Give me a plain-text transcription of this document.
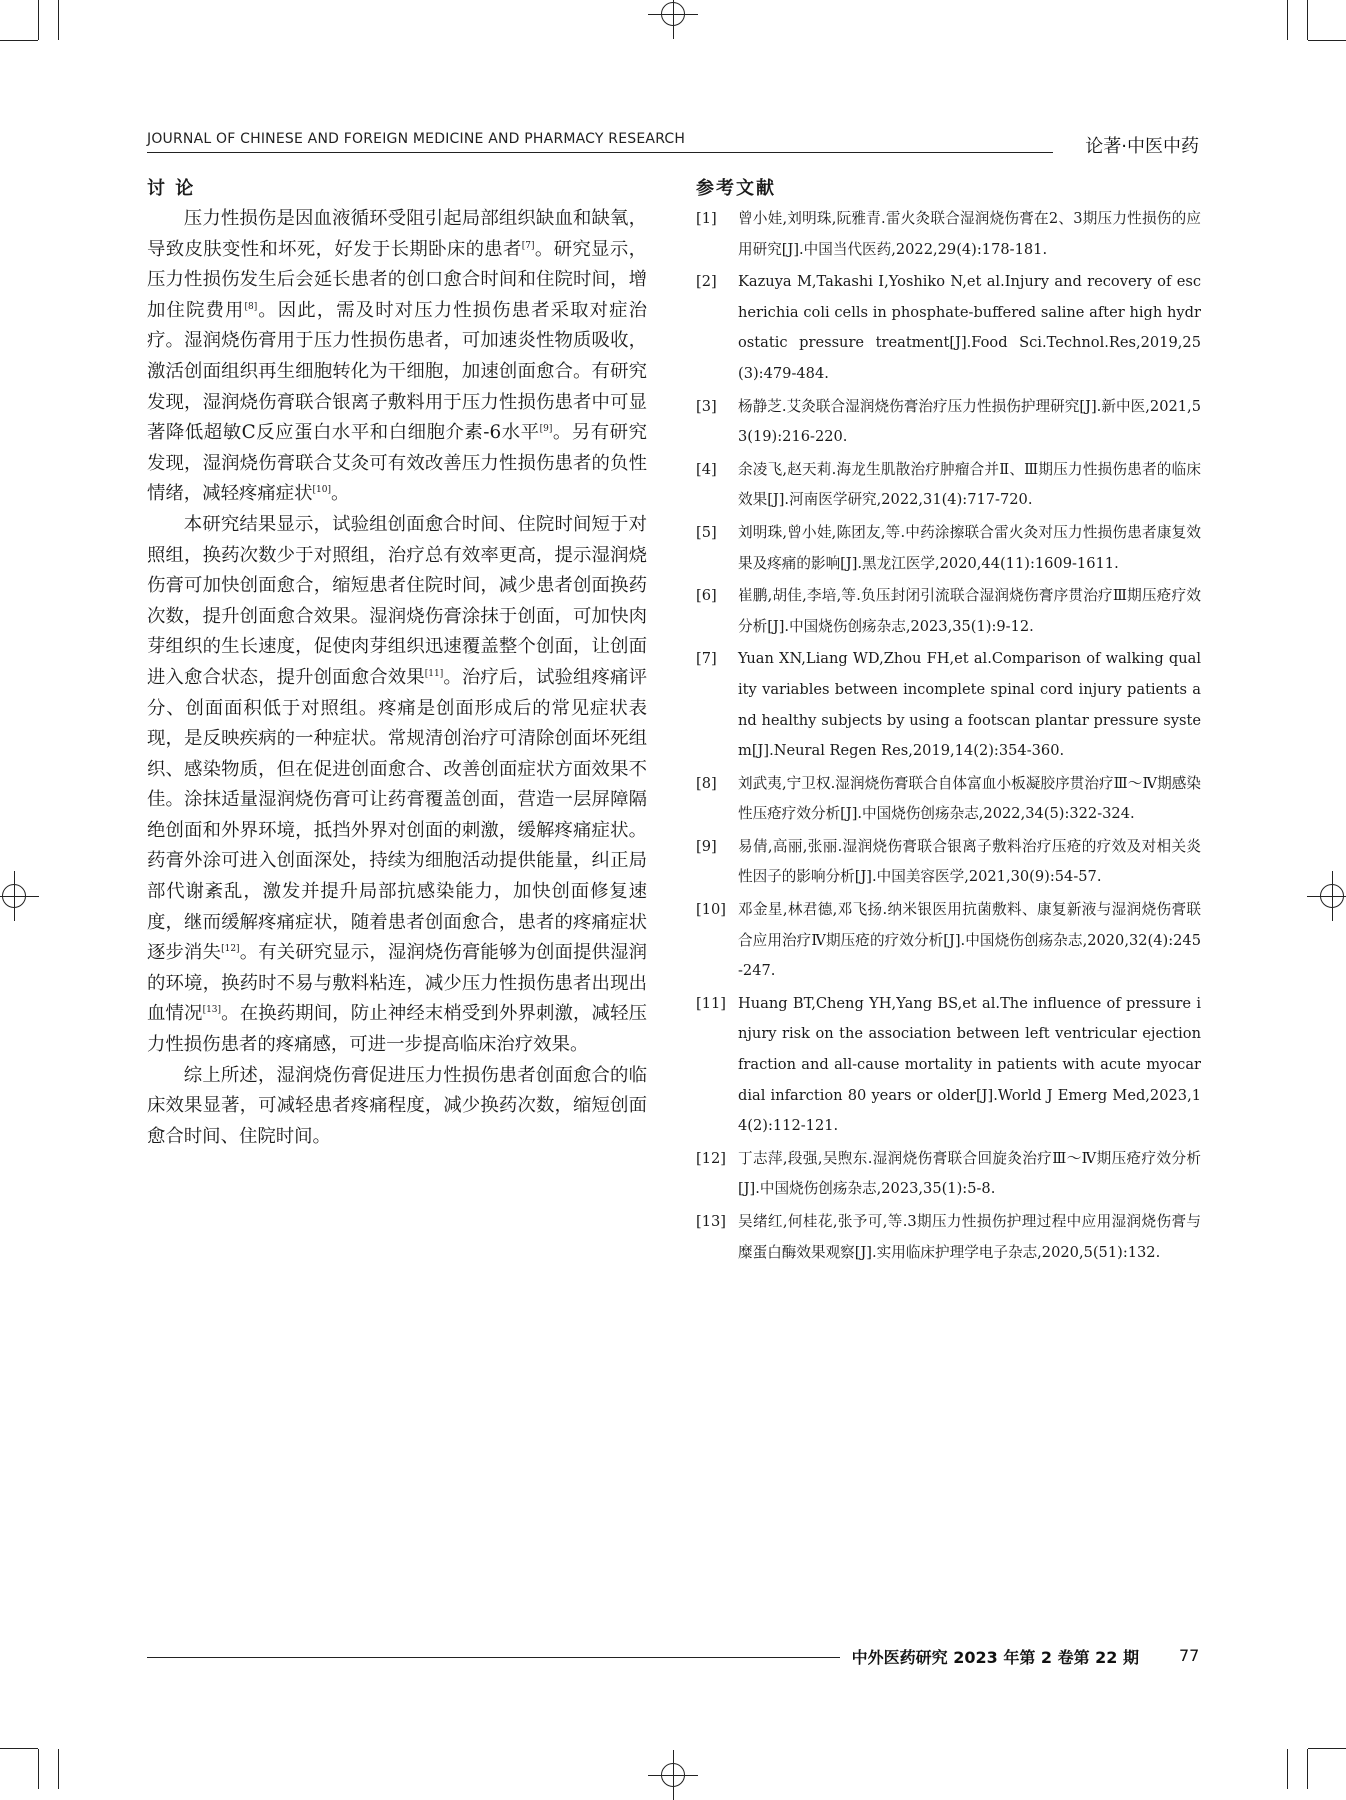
JOURNAL OF CHINESE AND FOREIGN MEDICINE AND PHARMACY RESEARCH	论著·中医中药
讨 论

压力性损伤是因血液循环受阻引起局部组织缺血和缺氧，导致皮肤变性和坏死，好发于长期卧床的患者[7]。研究显示，压力性损伤发生后会延长患者的创口愈合时间和住院时间，增加住院费用[8]。因此，需及时对压力性损伤患者采取对症治疗。湿润烧伤膏用于压力性损伤患者，可加速炎性物质吸收，激活创面组织再生细胞转化为干细胞，加速创面愈合。有研究发现，湿润烧伤膏联合银离子敷料用于压力性损伤患者中可显著降低超敏C反应蛋白水平和白细胞介素-6水平[9]。另有研究发现，湿润烧伤膏联合艾灸可有效改善压力性损伤患者的负性情绪，减轻疼痛症状[10]。

本研究结果显示，试验组创面愈合时间、住院时间短于对照组，换药次数少于对照组，治疗总有效率更高，提示湿润烧伤膏可加快创面愈合，缩短患者住院时间，减少患者创面换药次数，提升创面愈合效果。湿润烧伤膏涂抹于创面，可加快肉芽组织的生长速度，促使肉芽组织迅速覆盖整个创面，让创面进入愈合状态，提升创面愈合效果[11]。治疗后，试验组疼痛评分、创面面积低于对照组。疼痛是创面形成后的常见症状表现，是反映疾病的一种症状。常规清创治疗可清除创面坏死组织、感染物质，但在促进创面愈合、改善创面症状方面效果不佳。涂抹适量湿润烧伤膏可让药膏覆盖创面，营造一层屏障隔绝创面和外界环境，抵挡外界对创面的刺激，缓解疼痛症状。药膏外涂可进入创面深处，持续为细胞活动提供能量，纠正局部代谢紊乱，激发并提升局部抗感染能力，加快创面修复速度，继而缓解疼痛症状，随着患者创面愈合，患者的疼痛症状逐步消失[12]。有关研究显示，湿润烧伤膏能够为创面提供湿润的环境，换药时不易与敷料粘连，减少压力性损伤患者出现出血情况[13]。在换药期间，防止神经末梢受到外界刺激，减轻压力性损伤患者的疼痛感，可进一步提高临床治疗效果。

综上所述，湿润烧伤膏促进压力性损伤患者创面愈合的临床效果显著，可减轻患者疼痛程度，减少换药次数，缩短创面愈合时间、住院时间。

参考文献
[1] 曾小娃,刘明珠,阮雅青.雷火灸联合湿润烧伤膏在2、3期压力性损伤的应用研究[J].中国当代医药,2022,29(4):178-181.
[2] Kazuya M,Takashi I,Yoshiko N,et al.Injury and recovery of escherichia coli cells in phosphate-buffered saline after high hydrostatic pressure treatment[J].Food Sci.Technol.Res,2019,25(3):479-484.
[3] 杨静芝.艾灸联合湿润烧伤膏治疗压力性损伤护理研究[J].新中医,2021,53(19):216-220.
[4] 余凌飞,赵天莉.海龙生肌散治疗肿瘤合并Ⅱ、Ⅲ期压力性损伤患者的临床效果[J].河南医学研究,2022,31(4):717-720.
[5] 刘明珠,曾小娃,陈团友,等.中药涂擦联合雷火灸对压力性损伤患者康复效果及疼痛的影响[J].黑龙江医学,2020,44(11):1609-1611.
[6] 崔鹏,胡佳,李培,等.负压封闭引流联合湿润烧伤膏序贯治疗Ⅲ期压疮疗效分析[J].中国烧伤创疡杂志,2023,35(1):9-12.
[7] Yuan XN,Liang WD,Zhou FH,et al.Comparison of walking quality variables between incomplete spinal cord injury patients and healthy subjects by using a footscan plantar pressure system[J].Neural Regen Res,2019,14(2):354-360.
[8] 刘武夷,宁卫权.湿润烧伤膏联合自体富血小板凝胶序贯治疗Ⅲ～Ⅳ期感染性压疮疗效分析[J].中国烧伤创疡杂志,2022,34(5):322-324.
[9] 易倩,高丽,张丽.湿润烧伤膏联合银离子敷料治疗压疮的疗效及对相关炎性因子的影响分析[J].中国美容医学,2021,30(9):54-57.
[10] 邓金星,林君德,邓飞扬.纳米银医用抗菌敷料、康复新液与湿润烧伤膏联合应用治疗Ⅳ期压疮的疗效分析[J].中国烧伤创疡杂志,2020,32(4):245-247.
[11] Huang BT,Cheng YH,Yang BS,et al.The influence of pressure injury risk on the association between left ventricular ejection fraction and all-cause mortality in patients with acute myocardial infarction 80 years or older[J].World J Emerg Med,2023,14(2):112-121.
[12] 丁志萍,段强,吴煦东.湿润烧伤膏联合回旋灸治疗Ⅲ～Ⅳ期压疮疗效分析[J].中国烧伤创疡杂志,2023,35(1):5-8.
[13] 吴绪红,何桂花,张予可,等.3期压力性损伤护理过程中应用湿润烧伤膏与糜蛋白酶效果观察[J].实用临床护理学电子杂志,2020,5(51):132.
中外医药研究 2023 年第 2 卷第 22 期	77
